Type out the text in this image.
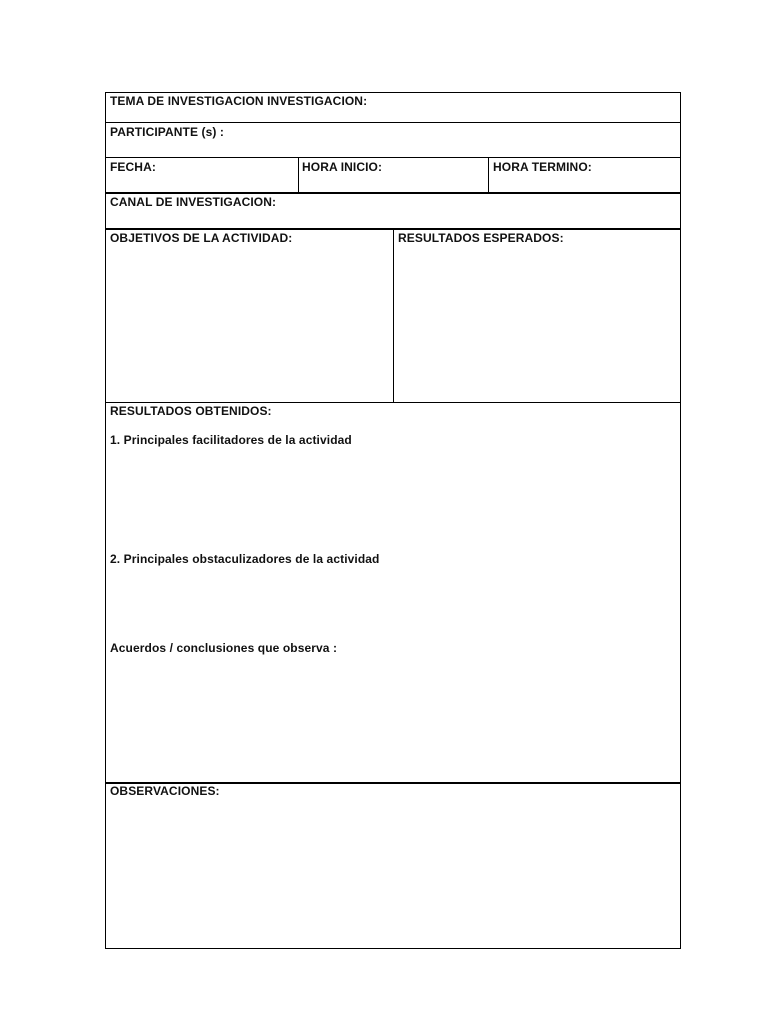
TEMA DE INVESTIGACION INVESTIGACION:
PARTICIPANTE (s) :
FECHA:	HORA INICIO:	HORA TERMINO:
CANAL DE INVESTIGACION:
OBJETIVOS DE LA ACTIVIDAD:	RESULTADOS ESPERADOS:
RESULTADOS OBTENIDOS:
1. Principales facilitadores de la actividad
2. Principales obstaculizadores de la actividad
Acuerdos / conclusiones que observa :
OBSERVACIONES:
